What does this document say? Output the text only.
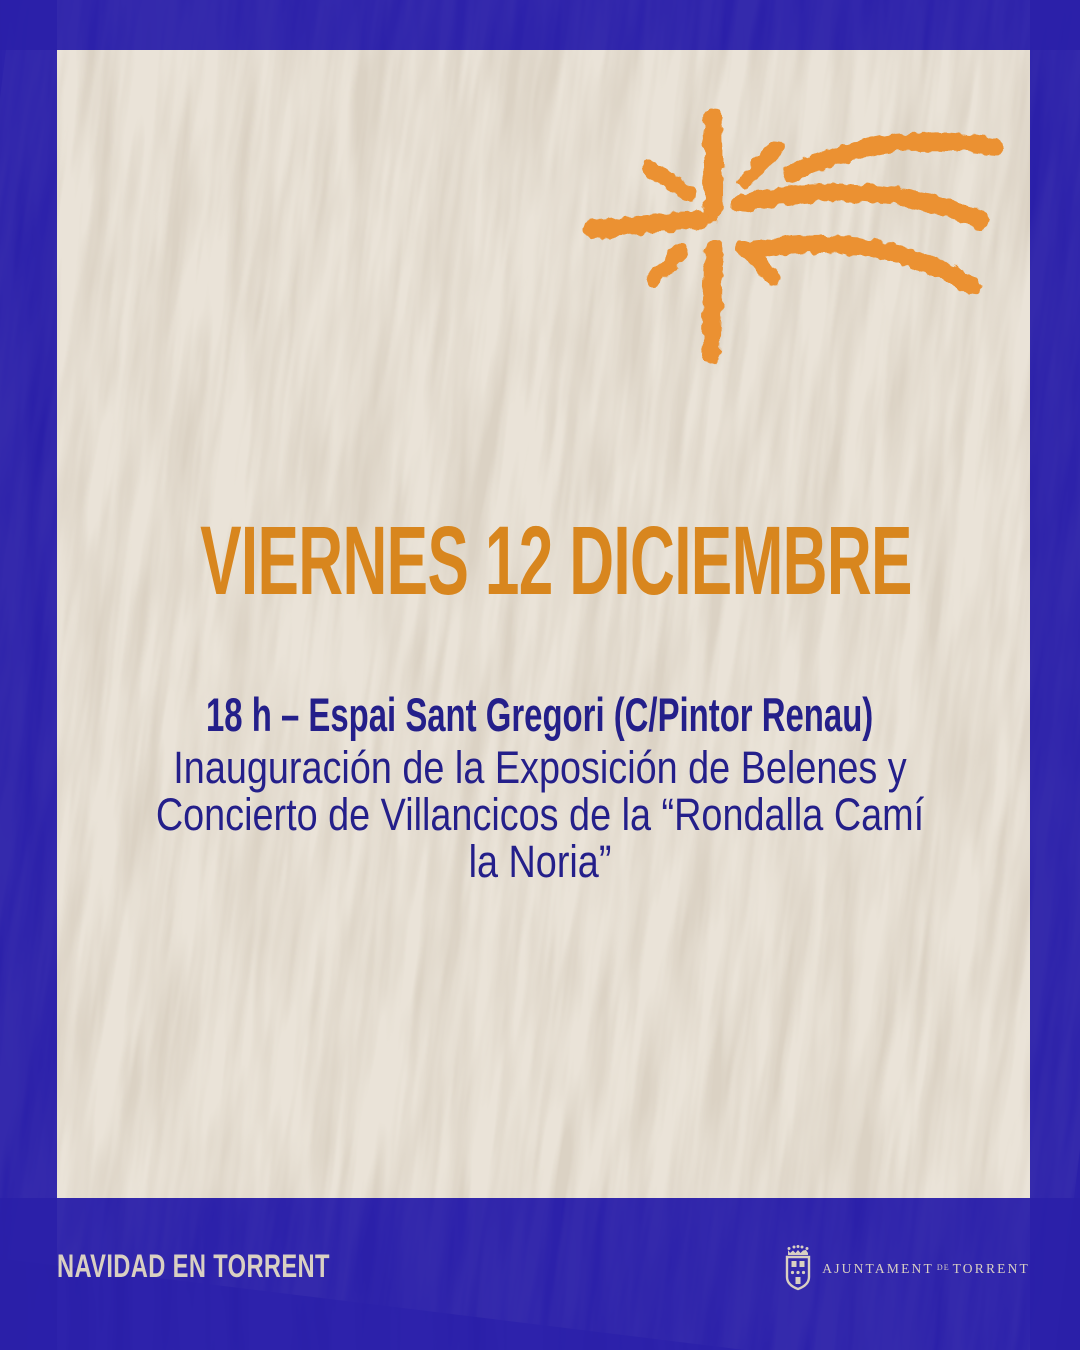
VIERNES 12 DICIEMBRE
18 h – Espai Sant Gregori (C/Pintor Renau)
Inauguración de la Exposición de Belenes y
Concierto de Villancicos de la “Rondalla Camí
la Noria”
NAVIDAD EN TORRENT	AJUNTAMENT DE TORRENT
